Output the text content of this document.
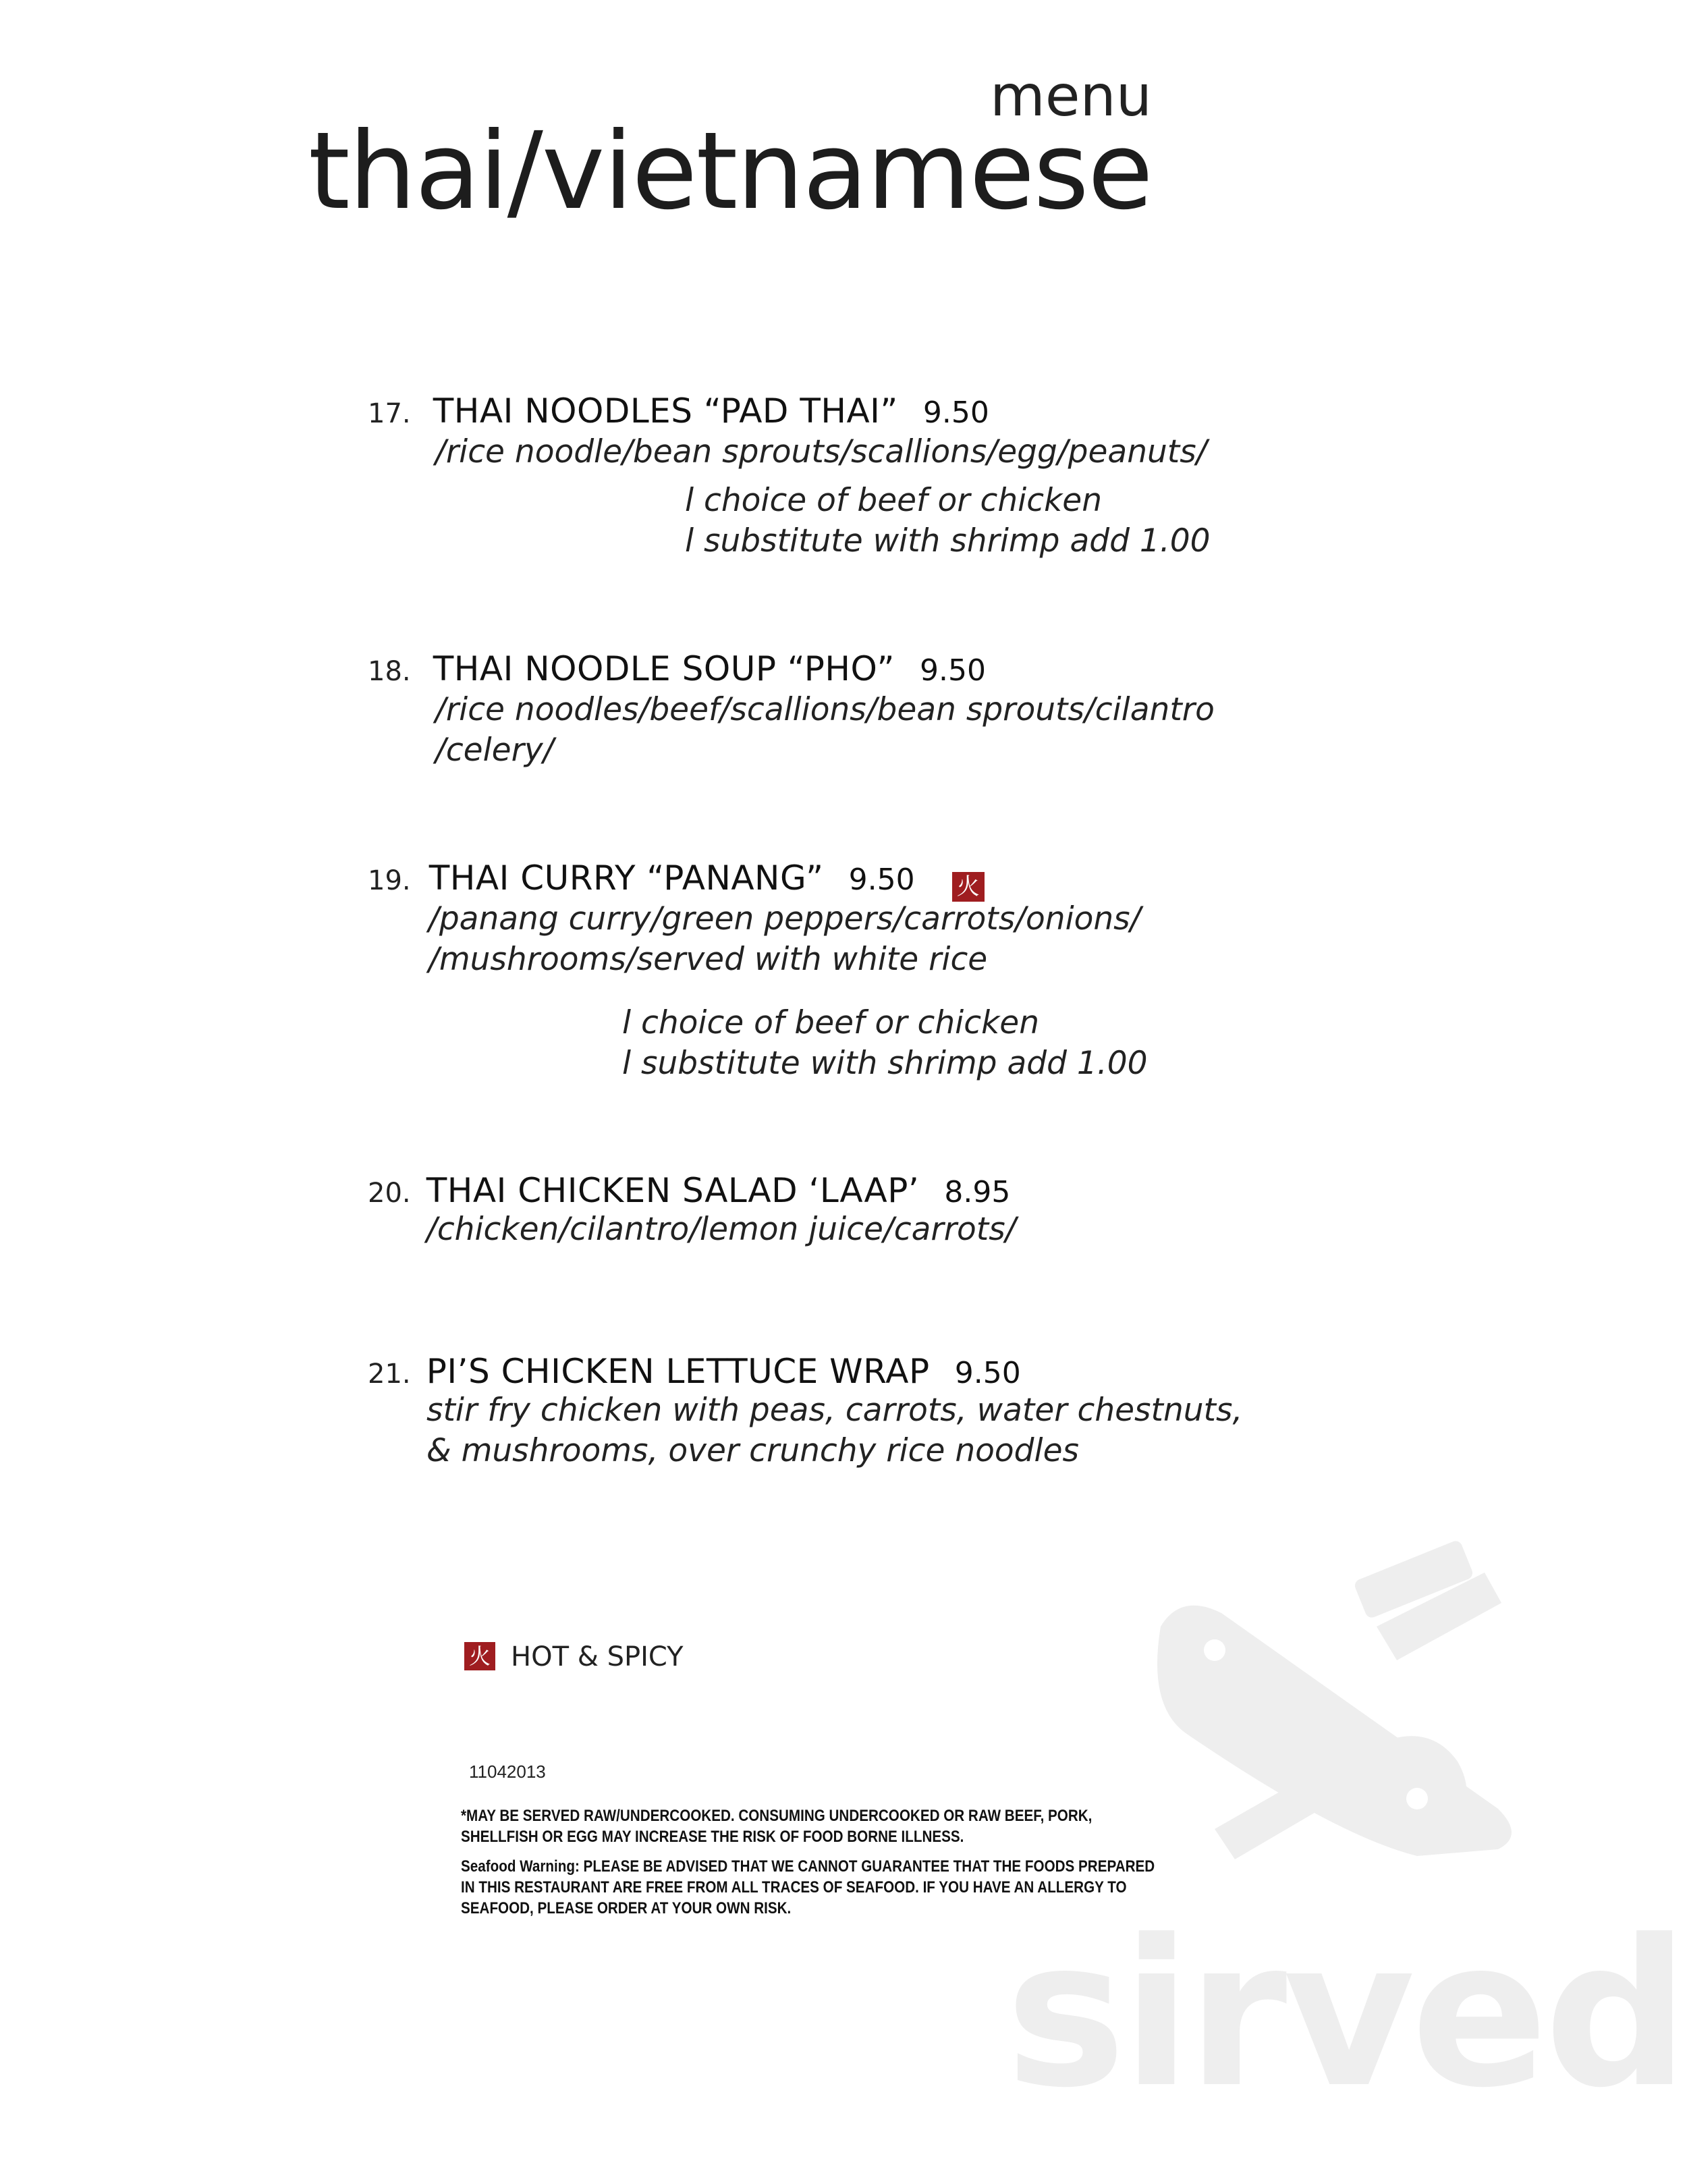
menu
thai/vietnamese
17. THAI NOODLES “PAD THAI” 9.50
/rice noodle/bean sprouts/scallions/egg/peanuts/
l choice of beef or chicken
l substitute with shrimp add 1.00
18. THAI NOODLE SOUP “PHO” 9.50
/rice noodles/beef/scallions/bean sprouts/cilantro
/celery/
19. THAI CURRY “PANANG” 9.50 火
/panang curry/green peppers/carrots/onions/
/mushrooms/served with white rice
l choice of beef or chicken
l substitute with shrimp add 1.00
20. THAI CHICKEN SALAD ‘LAAP’ 8.95
/chicken/cilantro/lemon juice/carrots/
21. PI’S CHICKEN LETTUCE WRAP 9.50
stir fry chicken with peas, carrots, water chestnuts,
& mushrooms, over crunchy rice noodles
火 HOT & SPICY
11042013
*MAY BE SERVED RAW/UNDERCOOKED. CONSUMING UNDERCOOKED OR RAW BEEF, PORK,
SHELLFISH OR EGG MAY INCREASE THE RISK OF FOOD BORNE ILLNESS.
Seafood Warning: PLEASE BE ADVISED THAT WE CANNOT GUARANTEE THAT THE FOODS PREPARED
IN THIS RESTAURANT ARE FREE FROM ALL TRACES OF SEAFOOD. IF YOU HAVE AN ALLERGY TO
SEAFOOD, PLEASE ORDER AT YOUR OWN RISK. sirved
